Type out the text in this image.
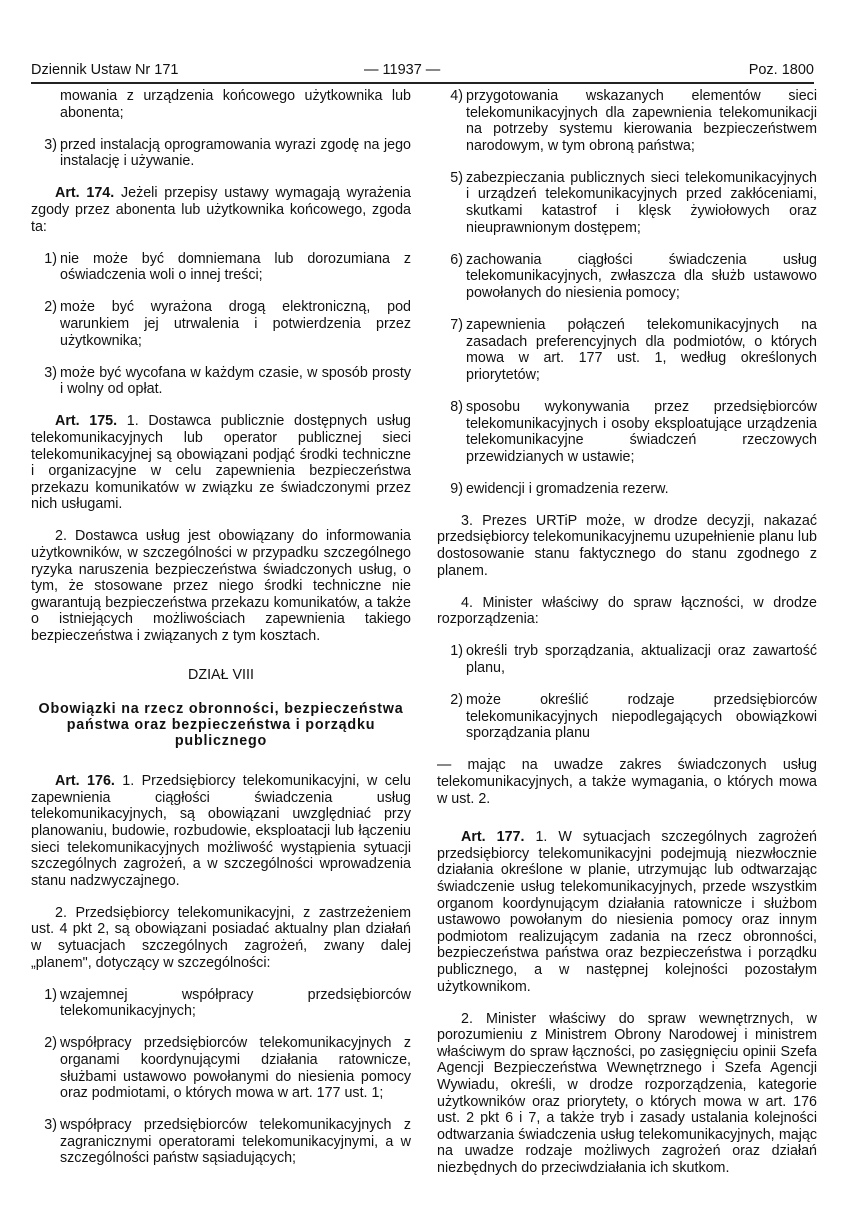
Dziennik Ustaw Nr 171	— 11937 —	Poz. 1800

mowania z urządzenia końcowego użytkownika lub abonenta;

3) przed instalacją oprogramowania wyrazi zgodę na jego instalację i używanie.

Art. 174. Jeżeli przepisy ustawy wymagają wyrażenia zgody przez abonenta lub użytkownika końcowego, zgoda ta:

1) nie może być domniemana lub dorozumiana z oświadczenia woli o innej treści;
2) może być wyrażona drogą elektroniczną, pod warunkiem jej utrwalenia i potwierdzenia przez użytkownika;
3) może być wycofana w każdym czasie, w sposób prosty i wolny od opłat.

Art. 175. 1. Dostawca publicznie dostępnych usług telekomunikacyjnych lub operator publicznej sieci telekomunikacyjnej są obowiązani podjąć środki techniczne i organizacyjne w celu zapewnienia bezpieczeństwa przekazu komunikatów w związku ze świadczonymi przez nich usługami.

2. Dostawca usług jest obowiązany do informowania użytkowników, w szczególności w przypadku szczególnego ryzyka naruszenia bezpieczeństwa świadczonych usług, o tym, że stosowane przez niego środki techniczne nie gwarantują bezpieczeństwa przekazu komunikatów, a także o istniejących możliwościach zapewnienia takiego bezpieczeństwa i związanych z tym kosztach.

DZIAŁ VIII
Obowiązki na rzecz obronności, bezpieczeństwa państwa oraz bezpieczeństwa i porządku publicznego

Art. 176. 1. Przedsiębiorcy telekomunikacyjni, w celu zapewnienia ciągłości świadczenia usług telekomunikacyjnych, są obowiązani uwzględniać przy planowaniu, budowie, rozbudowie, eksploatacji lub łączeniu sieci telekomunikacyjnych możliwość wystąpienia sytuacji szczególnych zagrożeń, a w szczególności wprowadzenia stanu nadzwyczajnego.

2. Przedsiębiorcy telekomunikacyjni, z zastrzeżeniem ust. 4 pkt 2, są obowiązani posiadać aktualny plan działań w sytuacjach szczególnych zagrożeń, zwany dalej „planem", dotyczący w szczególności:

1) wzajemnej współpracy przedsiębiorców telekomunikacyjnych;
2) współpracy przedsiębiorców telekomunikacyjnych z organami koordynującymi działania ratownicze, służbami ustawowo powołanymi do niesienia pomocy oraz podmiotami, o których mowa w art. 177 ust. 1;
3) współpracy przedsiębiorców telekomunikacyjnych z zagranicznymi operatorami telekomunikacyjnymi, a w szczególności państw sąsiadujących;
4) przygotowania wskazanych elementów sieci telekomunikacyjnych dla zapewnienia telekomunikacji na potrzeby systemu kierowania bezpieczeństwem narodowym, w tym obroną państwa;
5) zabezpieczania publicznych sieci telekomunikacyjnych i urządzeń telekomunikacyjnych przed zakłóceniami, skutkami katastrof i klęsk żywiołowych oraz nieuprawnionym dostępem;
6) zachowania ciągłości świadczenia usług telekomunikacyjnych, zwłaszcza dla służb ustawowo powołanych do niesienia pomocy;
7) zapewnienia połączeń telekomunikacyjnych na zasadach preferencyjnych dla podmiotów, o których mowa w art. 177 ust. 1, według określonych priorytetów;
8) sposobu wykonywania przez przedsiębiorców telekomunikacyjnych i osoby eksploatujące urządzenia telekomunikacyjne świadczeń rzeczowych przewidzianych w ustawie;
9) ewidencji i gromadzenia rezerw.

3. Prezes URTiP może, w drodze decyzji, nakazać przedsiębiorcy telekomunikacyjnemu uzupełnienie planu lub dostosowanie stanu faktycznego do stanu zgodnego z planem.

4. Minister właściwy do spraw łączności, w drodze rozporządzenia:

1) określi tryb sporządzania, aktualizacji oraz zawartość planu,
2) może określić rodzaje przedsiębiorców telekomunikacyjnych niepodlegających obowiązkowi sporządzania planu

— mając na uwadze zakres świadczonych usług telekomunikacyjnych, a także wymagania, o których mowa w ust. 2.

Art. 177. 1. W sytuacjach szczególnych zagrożeń przedsiębiorcy telekomunikacyjni podejmują niezwłocznie działania określone w planie, utrzymując lub odtwarzając świadczenie usług telekomunikacyjnych, przede wszystkim organom koordynującym działania ratownicze i służbom ustawowo powołanym do niesienia pomocy oraz innym podmiotom realizującym zadania na rzecz obronności, bezpieczeństwa państwa oraz bezpieczeństwa i porządku publicznego, a w następnej kolejności pozostałym użytkownikom.

2. Minister właściwy do spraw wewnętrznych, w porozumieniu z Ministrem Obrony Narodowej i ministrem właściwym do spraw łączności, po zasięgnięciu opinii Szefa Agencji Bezpieczeństwa Wewnętrznego i Szefa Agencji Wywiadu, określi, w drodze rozporządzenia, kategorie użytkowników oraz priorytety, o których mowa w art. 176 ust. 2 pkt 6 i 7, a także tryb i zasady ustalania kolejności odtwarzania świadczenia usług telekomunikacyjnych, mając na uwadze rodzaje możliwych zagrożeń oraz działań niezbędnych do przeciwdziałania ich skutkom.
